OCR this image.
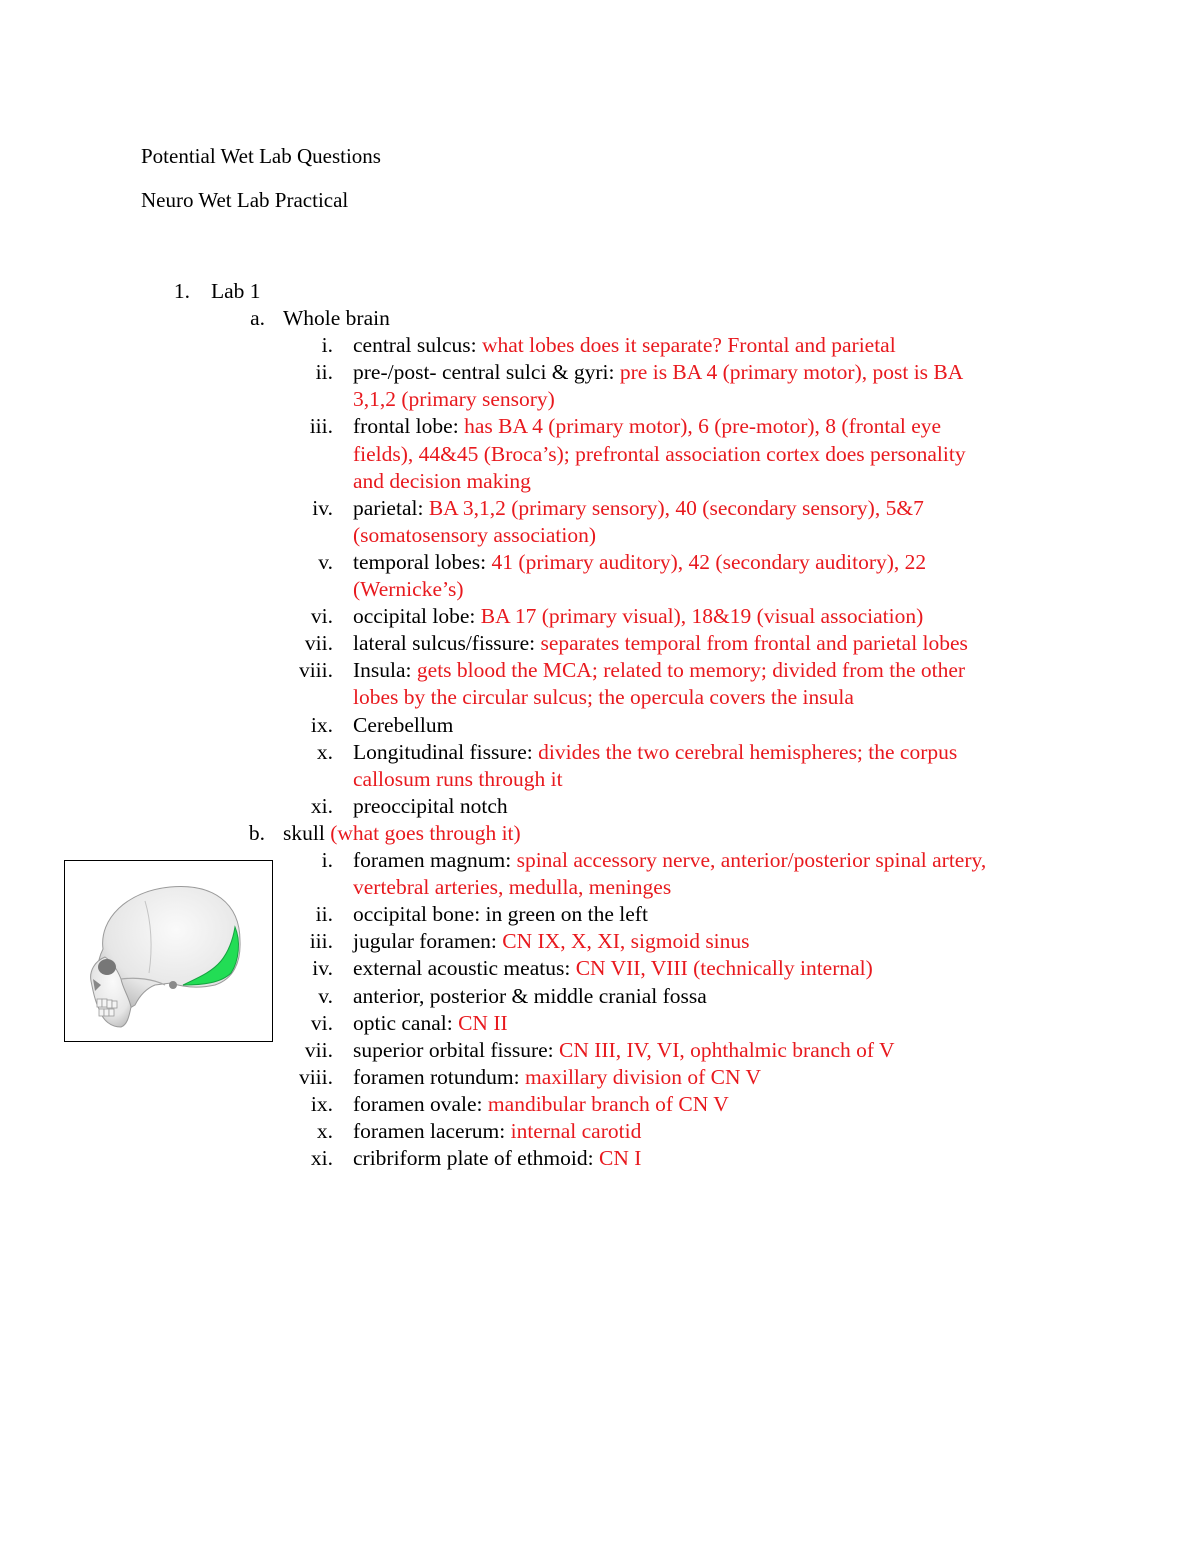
Potential Wet Lab Questions
Neuro Wet Lab Practical
1. Lab 1
a. Whole brain
i. central sulcus: what lobes does it separate? Frontal and parietal
ii. pre-/post- central sulci & gyri: pre is BA 4 (primary motor), post is BA
3,1,2 (primary sensory)
iii. frontal lobe: has BA 4 (primary motor), 6 (pre-motor), 8 (frontal eye
fields), 44&45 (Broca’s); prefrontal association cortex does personality
and decision making
iv. parietal: BA 3,1,2 (primary sensory), 40 (secondary sensory), 5&7
(somatosensory association)
v. temporal lobes: 41 (primary auditory), 42 (secondary auditory), 22
(Wernicke’s)
vi. occipital lobe: BA 17 (primary visual), 18&19 (visual association)
vii. lateral sulcus/fissure: separates temporal from frontal and parietal lobes
viii. Insula: gets blood the MCA; related to memory; divided from the other
lobes by the circular sulcus; the opercula covers the insula
ix. Cerebellum
x. Longitudinal fissure: divides the two cerebral hemispheres; the corpus
callosum runs through it
xi. preoccipital notch
b. skull (what goes through it)
i. foramen magnum: spinal accessory nerve, anterior/posterior spinal artery,
vertebral arteries, medulla, meninges
ii. occipital bone: in green on the left
iii. jugular foramen: CN IX, X, XI, sigmoid sinus
iv. external acoustic meatus: CN VII, VIII (technically internal)
v. anterior, posterior & middle cranial fossa
vi. optic canal: CN II
vii. superior orbital fissure: CN III, IV, VI, ophthalmic branch of V
viii. foramen rotundum: maxillary division of CN V
ix. foramen ovale: mandibular branch of CN V
x. foramen lacerum: internal carotid
xi. cribriform plate of ethmoid: CN I
